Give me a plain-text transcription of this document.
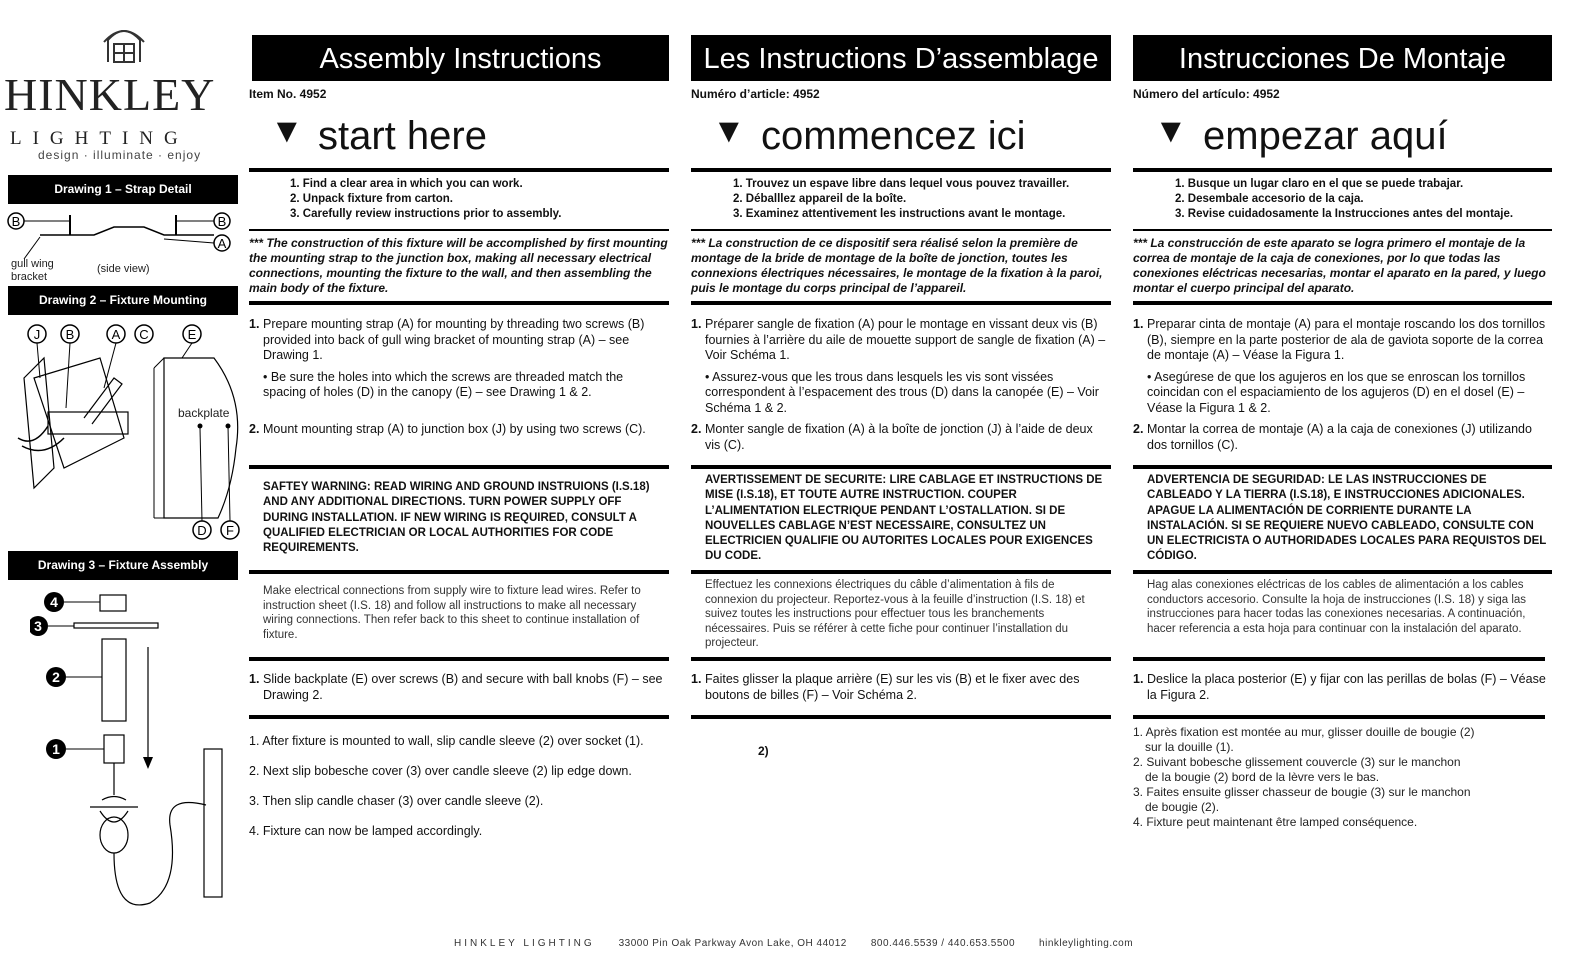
HINKLEY
LIGHTING
design · illuminate · enjoy
Drawing 1 – Strap Detail
B	B
A
gull wing
bracket
(side view)
Drawing 2 – Fixture Mounting
J B	A C	E
D F
backplate
Drawing 3 – Fixture Assembly
4
3
2
1
Assembly Instructions
Item No. 4952
▼ start here
1. Find a clear area in which you can work.
2. Unpack fixture from carton.
3. Carefully review instructions prior to assembly.
*** The construction of this fixture will be accomplished by first mounting the mounting strap to the junction box, making all necessary electrical connections, mounting the fixture to the wall, and then assembling the main body of the fixture.
1. Prepare mounting strap (A) for mounting by threading two screws (B) provided into back of gull wing bracket of mounting strap (A) – see Drawing 1.
• Be sure the holes into which the screws are threaded match the spacing of holes (D) in the canopy (E) – see Drawing 1 & 2.
2. Mount mounting strap (A) to junction box (J) by using two screws (C).
SAFTEY WARNING: READ WIRING AND GROUND INSTRUIONS (I.S.18) AND ANY ADDITIONAL DIRECTIONS. TURN POWER SUPPLY OFF DURING INSTALLATION. IF NEW WIRING IS REQUIRED, CONSULT A QUALIFIED ELECTRICIAN OR LOCAL AUTHORITIES FOR CODE REQUIREMENTS.
Make electrical connections from supply wire to fixture lead wires. Refer to instruction sheet (I.S. 18) and follow all instructions to make all necessary wiring connections. Then refer back to this sheet to continue installation of fixture.
1. Slide backplate (E) over screws (B) and secure with ball knobs (F) – see Drawing 2.
1. After fixture is mounted to wall, slip candle sleeve (2) over socket (1).
2. Next slip bobesche cover (3) over candle sleeve (2) lip edge down.
3. Then slip candle chaser (3) over candle sleeve (2).
4. Fixture can now be lamped accordingly.
Les Instructions D’assemblage
Numéro d’article: 4952
▼ commencez ici
1. Trouvez un espave libre dans lequel vous pouvez travailler.
2. Déballlez appareil de la boîte.
3. Examinez attentivement les instructions avant le montage.
*** La construction de ce dispositif sera réalisé selon la première de montage de la bride de montage de la boîte de jonction, toutes les connexions électriques nécessaires, le montage de la fixation à la paroi, puis le montage du corps principal de l’appareil.
1. Préparer sangle de fixation (A) pour le montage en vissant deux vis (B) fournies à l’arrière du aile de mouette support de sangle de fixation (A) – Voir Schéma 1.
• Assurez-vous que les trous dans lesquels les vis sont vissées correspondent à l’espacement des trous (D) dans la canopée (E) – Voir Schéma 1 & 2.
2. Monter sangle de fixation (A) à la boîte de jonction (J) à l’aide de deux vis (C).
AVERTISSEMENT DE SECURITE: LIRE CABLAGE ET INSTRUCTIONS DE MISE (I.S.18), ET TOUTE AUTRE INSTRUCTION. COUPER L’ALIMENTATION ELECTRIQUE PENDANT L’OSTALLATION. SI DE NOUVELLES CABLAGE N’EST NECESSAIRE, CONSULTEZ UN ELECTRICIEN QUALIFIE OU AUTORITES LOCALES POUR EXIGENCES DU CODE.
Effectuez les connexions électriques du câble d’alimentation à fils de connexion du projecteur. Reportez-vous à la feuille d’instruction (I.S. 18) et suivez toutes les instructions pour effectuer tous les branchements nécessaires. Puis se référer à cette fiche pour continuer l’installation du projecteur.
1. Faites glisser la plaque arrière (E) sur les vis (B) et le fixer avec des boutons de billes (F) – Voir Schéma 2.
2)
Instrucciones De Montaje
Número del artículo: 4952
▼ empezar aquí
1. Busque un lugar claro en el que se puede trabajar.
2. Desembale accesorio de la caja.
3. Revise cuidadosamente la Instrucciones antes del montaje.
*** La construcción de este aparato se logra primero el montaje de la correa de montaje de la caja de conexiones, por lo que todas las conexiones eléctricas necesarias, montar el aparato en la pared, y luego montar el cuerpo principal del aparato.
1. Preparar cinta de montaje (A) para el montaje roscando los dos tornillos (B), siempre en la parte posterior de ala de gaviota soporte de la correa de montaje (A) – Véase la Figura 1.
• Asegúrese de que los agujeros en los que se enroscan los tornillos coincidan con el espaciamiento de los agujeros (D) en el dosel (E) – Véase la Figura 1 & 2.
2. Montar la correa de montaje (A) a la caja de conexiones (J) utilizando dos tornillos (C).
ADVERTENCIA DE SEGURIDAD: LE LAS INSTRUCCIONES DE CABLEADO Y LA TIERRA (I.S.18), E INSTRUCCIONES ADICIONALES. APAGUE LA ALIMENTACIÓN DE CORRIENTE DURANTE LA INSTALACIÓN. SI SE REQUIERE NUEVO CABLEADO, CONSULTE CON UN ELECTRICISTA O AUTHORIDADES LOCALES PARA REQUISTOS DEL CÓDIGO.
Hag alas conexiones eléctricas de los cables de alimentación a los cables conductors accesorio. Consulte la hoja de instrucciones (I.S. 18) y siga las instrucciones para hacer todas las conexiones necesarias. A continuación, hacer referencia a esta hoja para continuar con la instalación del aparato.
1. Deslice la placa posterior (E) y fijar con las perillas de bolas (F) – Véase la Figura 2.
1. Après fixation est montée au mur, glisser douille de bougie (2)
sur la douille (1).
2. Suivant bobesche glissement couvercle (3) sur le manchon
de la bougie (2) bord de la lèvre vers le bas.
3. Faites ensuite glisser chasseur de bougie (3) sur le manchon
de bougie (2).
4. Fixture peut maintenant être lamped conséquence.
HINKLEY LIGHTING 33000 Pin Oak Parkway Avon Lake, OH 44012 800.446.5539 / 440.653.5500 hinkleylighting.com
